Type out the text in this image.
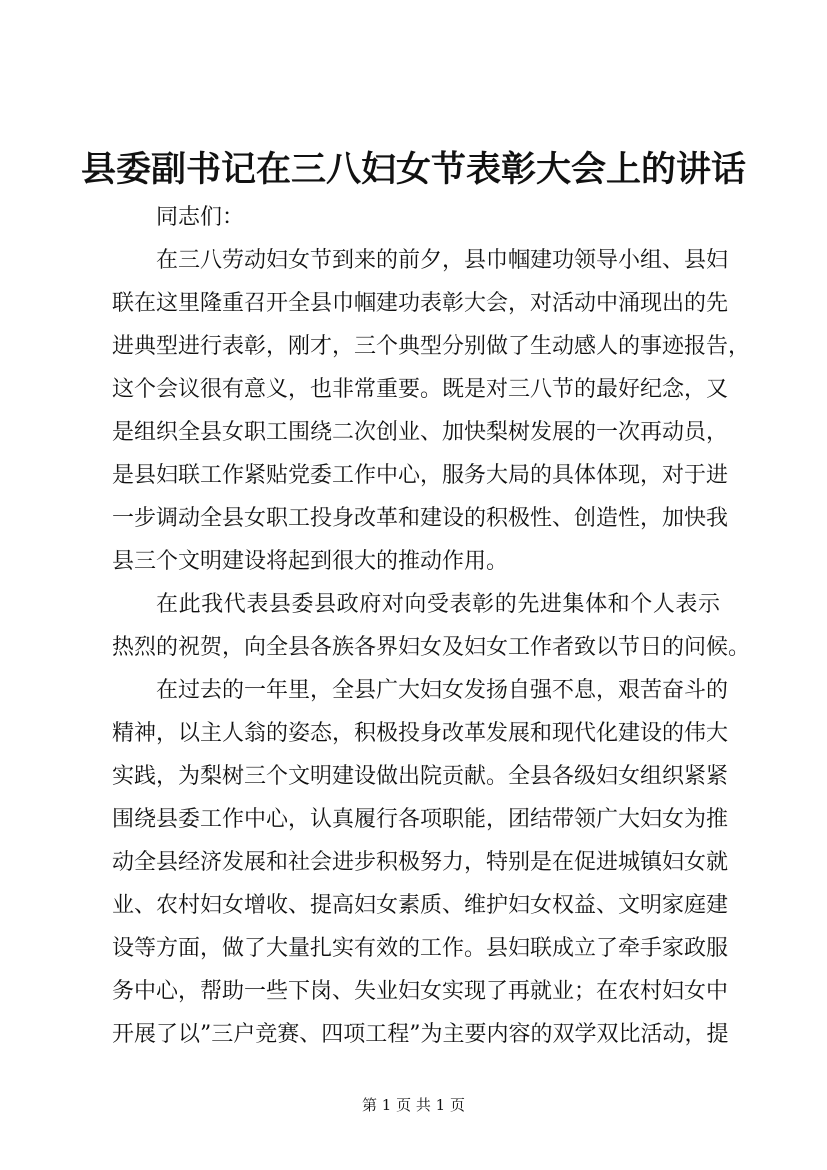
县委副书记在三八妇女节表彰大会上的讲话

同志们：

在三八劳动妇女节到来的前夕，县巾帼建功领导小组、县妇

联在这里隆重召开全县巾帼建功表彰大会，对活动中涌现出的先

进典型进行表彰，刚才，三个典型分别做了生动感人的事迹报告，

这个会议很有意义，也非常重要。既是对三八节的最好纪念，又

是组织全县女职工围绕二次创业、加快梨树发展的一次再动员，

是县妇联工作紧贴党委工作中心，服务大局的具体体现，对于进

一步调动全县女职工投身改革和建设的积极性、创造性，加快我

县三个文明建设将起到很大的推动作用。

在此我代表县委县政府对向受表彰的先进集体和个人表示

热烈的祝贺，向全县各族各界妇女及妇女工作者致以节日的问候。

在过去的一年里，全县广大妇女发扬自强不息，艰苦奋斗的

精神，以主人翁的姿态，积极投身改革发展和现代化建设的伟大

实践，为梨树三个文明建设做出院贡献。全县各级妇女组织紧紧

围绕县委工作中心，认真履行各项职能，团结带领广大妇女为推

动全县经济发展和社会进步积极努力，特别是在促进城镇妇女就

业、农村妇女增收、提高妇女素质、维护妇女权益、文明家庭建

设等方面，做了大量扎实有效的工作。县妇联成立了牵手家政服

务中心，帮助一些下岗、失业妇女实现了再就业；在农村妇女中

开展了以”三户竞赛、四项工程”为主要内容的双学双比活动，提

第 1 页 共 1 页
